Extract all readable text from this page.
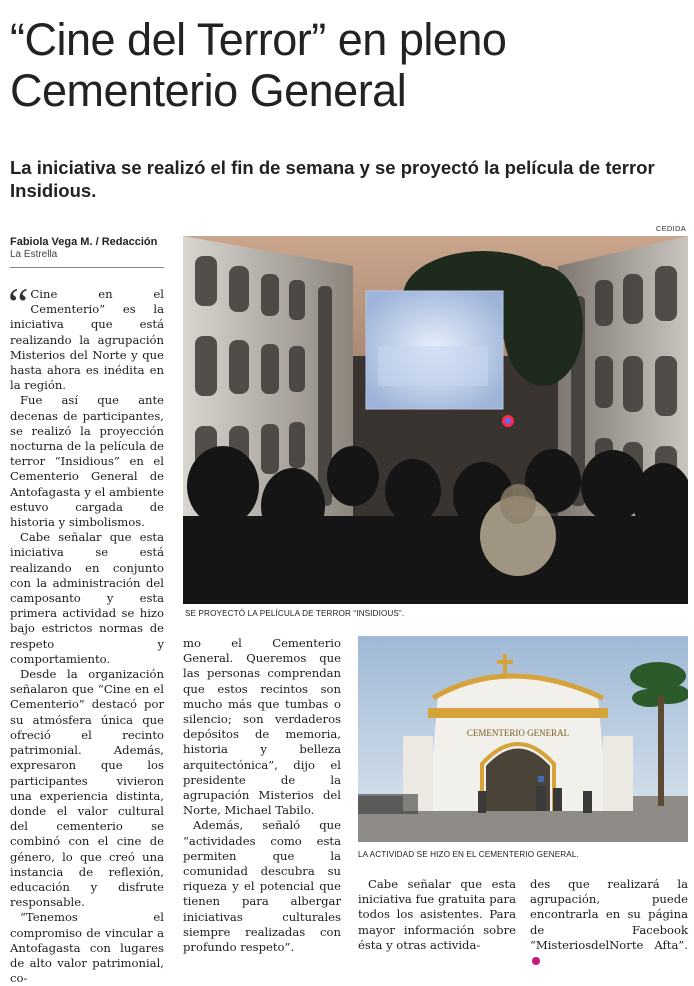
“Cine del Terror” en pleno
Cementerio General

La iniciativa se realizó el fin de semana y se proyectó la película de terror Insidious.

CEDIDA
Fabiola Vega M. / Redacción
La Estrella

“ Cine en el Cementerio” es la iniciativa que está realizando la agrupación Misterios del Norte y que hasta ahora es inédita en la región.

Fue así que ante decenas de participantes, se realizó la proyección nocturna de la película de terror “Insidious” en el Cementerio General de Antofagasta y el ambiente estuvo cargada de historia y simbolismos.

Cabe señalar que esta iniciativa se está realizando en conjunto con la administración del camposanto y esta primera actividad se hizo bajo estrictos normas de respeto y comportamiento.

Desde la organización señalaron que “Cine en el Cementerio” destacó por su atmósfera única que ofreció el recinto patrimonial. Además, expresaron que los participantes vivieron una experiencia distinta, donde el valor cultural del cementerio se combinó con el cine de género, lo que creó una instancia de reflexión, educación y disfrute responsable.

“Tenemos el compromiso de vincular a Antofagasta con lugares de alto valor patrimonial, co-

SE PROYECTÓ LA PELÍCULA DE TERROR “INSIDIOUS”.

mo el Cementerio General. Queremos que las personas comprendan que estos recintos son mucho más que tumbas o silencio; son verdaderos depósitos de memoria, historia y belleza arquitectónica”, dijo el presidente de la agrupación Misterios del Norte, Michael Tabilo.

Además, señaló que “actividades como esta permiten que la comunidad descubra su riqueza y el potencial que tienen para albergar iniciativas culturales siempre realizadas con profundo respeto”.

CEMENTERIO GENERAL
LA ACTIVIDAD SE HIZO EN EL CEMENTERIO GENERAL.

Cabe señalar que esta iniciativa fue gratuita para todos los asistentes. Para mayor información sobre ésta y otras activida-

des que realizará la agrupación, puede encontrarla en su página de Facebook “MisteriosdelNorte Afta”.
